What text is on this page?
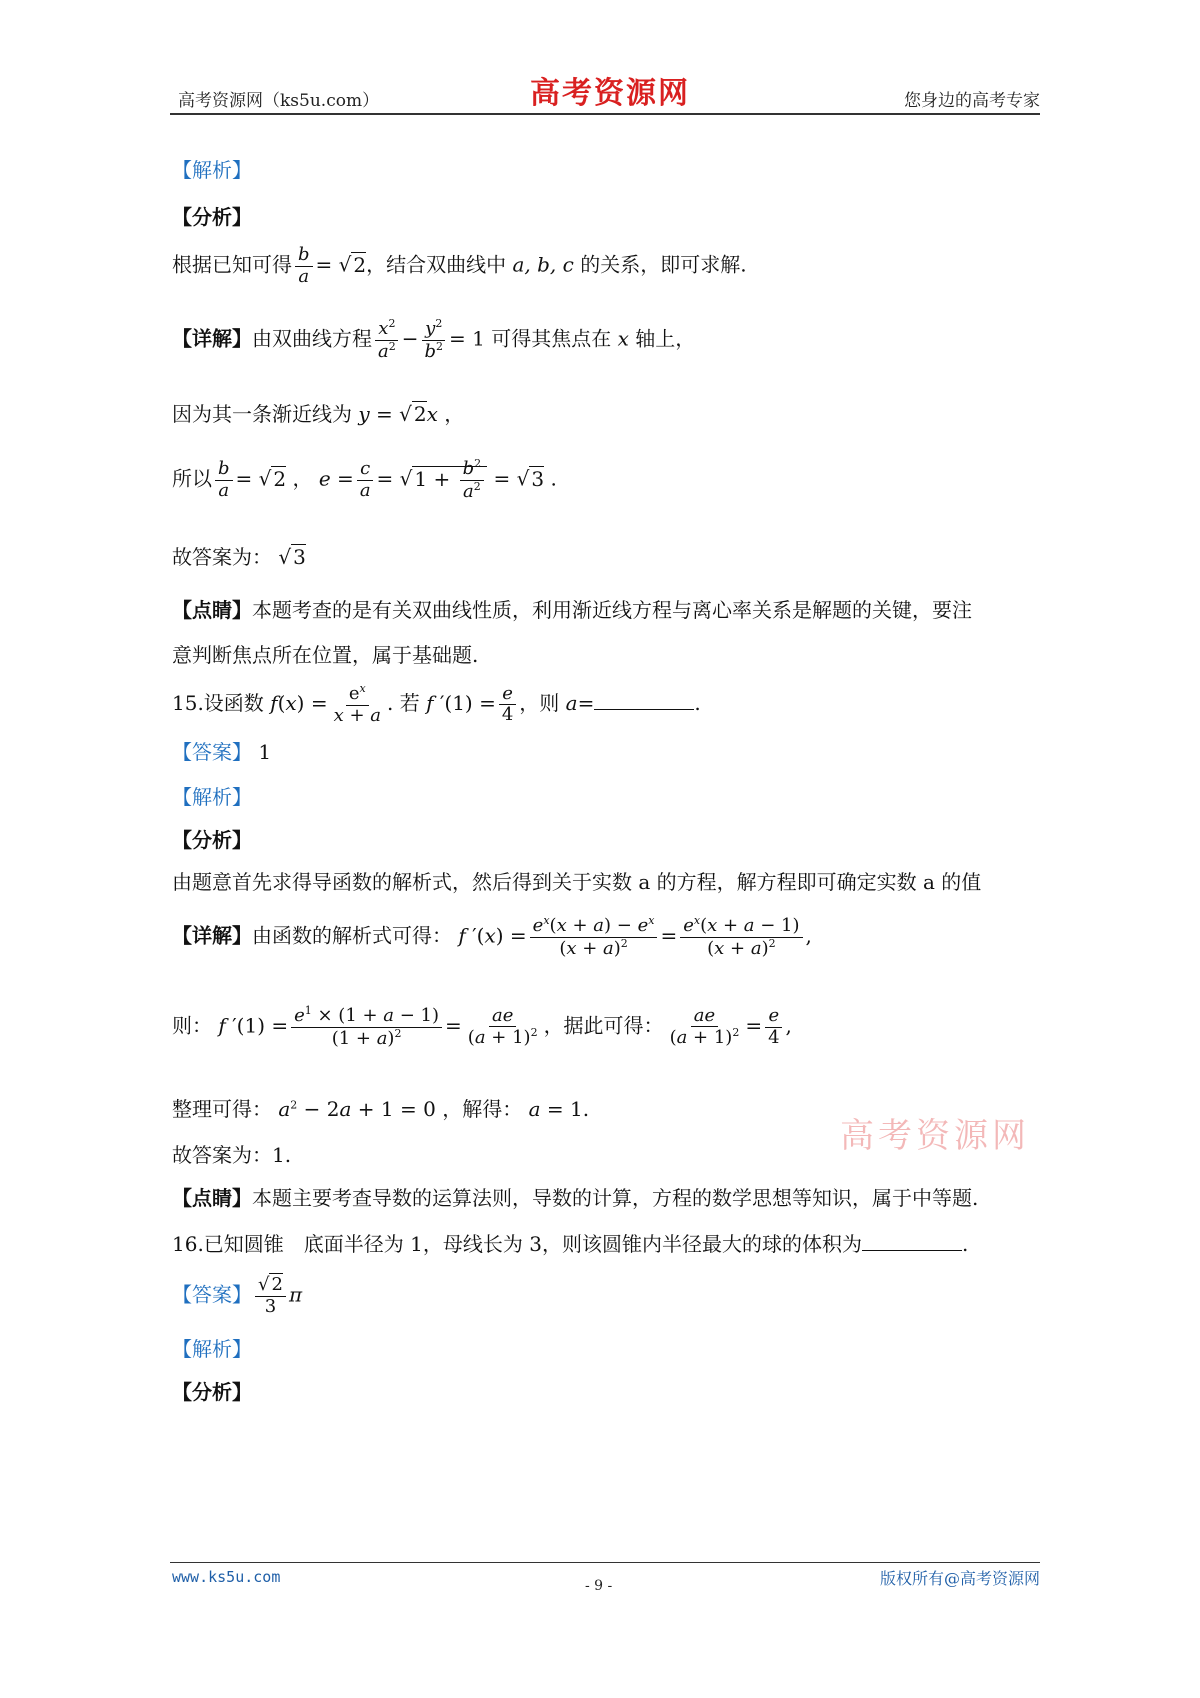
高考资源网（ks5u.com）	高考资源网	您身边的高考专家
【解析】
【分析】
根据已知可得 $\frac{b}{a}$ = √ 2，结合双曲线中 a, b, c 的关系，即可求解.
【详解】由双曲线方程 $\frac{x^2}{a^2} - \frac{y^2}{b^2} = 1$ 可得其焦点在 x 轴上，
因为其一条渐近线为 y = √ 2x ，
所以 $\frac{b}{a}$ = √ 2 ， $e = \frac{c}{a}$ = √ $1 + \frac{b^2}{a^2}$ = √ 3 .
故答案为： √ 3
【点睛】本题考查的是有关双曲线性质，利用渐近线方程与离心率关系是解题的关键，要注
意判断焦点所在位置，属于基础题.
15.设函数 $f(x) = \frac{e^x}{x + a}$ . 若 f $'(1) = \frac{e}{4}$ ，则 a=	.
【答案】 1
【解析】
【分析】
由题意首先求得导函数的解析式，然后得到关于实数 a 的方程，解方程即可确定实数 a 的值
【详解】由函数的解析式可得： f $'(x) = \frac{e^x(x + a) - e^x}{(x + a)^2} = \frac{e^x(x + a - 1)}{(x + a)^2}$ ,
则： f $'(1) = \frac{e^1 \times (1 + a - 1)}{(1 + a)^2} = \frac{ae}{(a + 1)^2}$ ，据此可得： $\frac{ae}{(a + 1)^2} = \frac{e}{4}$ ,
高考资源网
整理可得： $a^2 - 2a + 1 = 0$ ，解得： a = 1.
故答案为：1.
【点睛】本题主要考查导数的运算法则，导数的计算，方程的数学思想等知识，属于中等题.
16.已知圆锥　底面半径为 1，母线长为 3，则该圆锥内半径最大的球的体积为	.
【答案】 $\frac{√ 2}{3}$ π
【解析】
【分析】
www.ks5u.com	- 9 -	版权所有@高考资源网
